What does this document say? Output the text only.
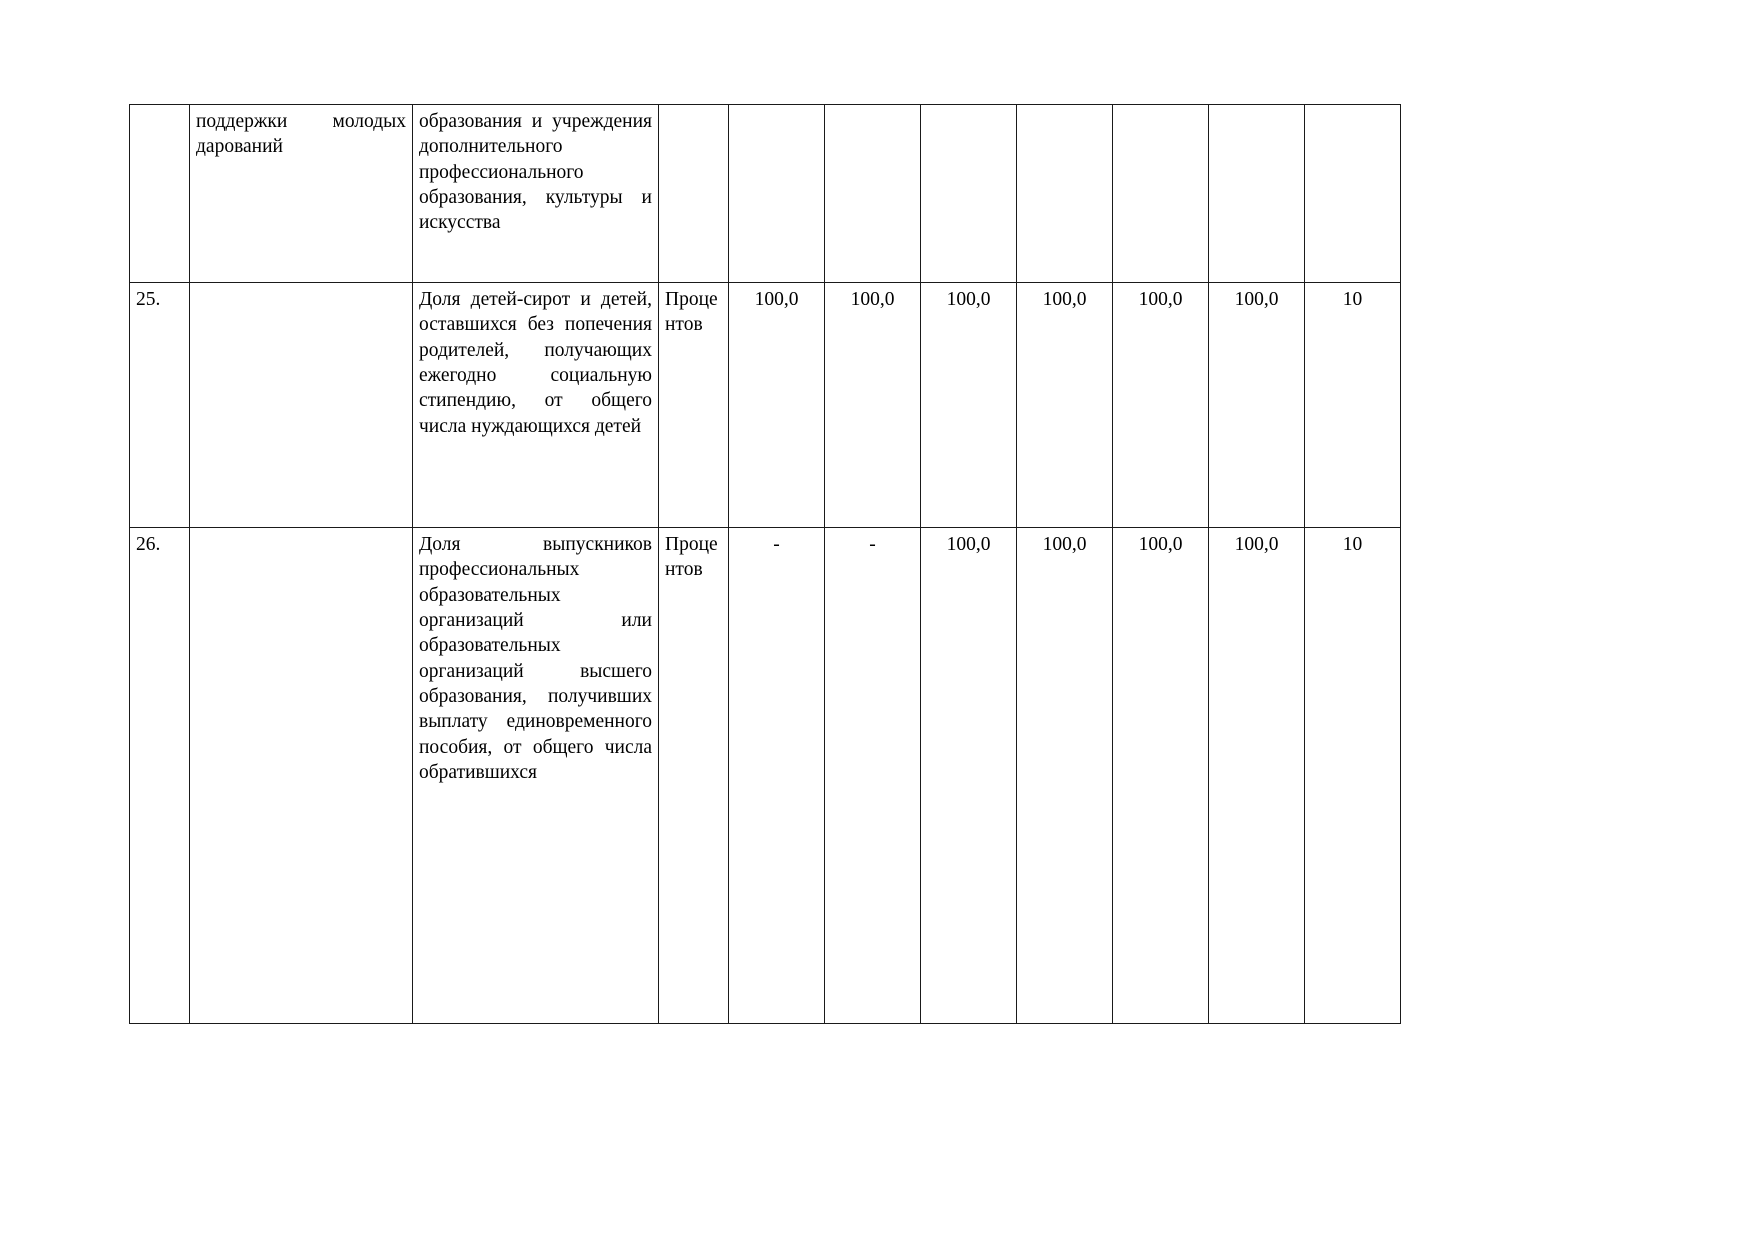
	поддержки молодых дарований	образования и учреждения дополнительного профессионального образования, культуры и искусства								
25.		Доля детей-сирот и детей, оставшихся без попечения родителей, получающих ежегодно социальную стипендию, от общего числа нуждающихся детей	Процентов	100,0	100,0	100,0	100,0	100,0	100,0	10
26.		Доля выпускников профессиональных образовательных организаций или образовательных организаций высшего образования, получивших выплату единовременного пособия, от общего числа обратившихся	Процентов	-	-	100,0	100,0	100,0	100,0	10
